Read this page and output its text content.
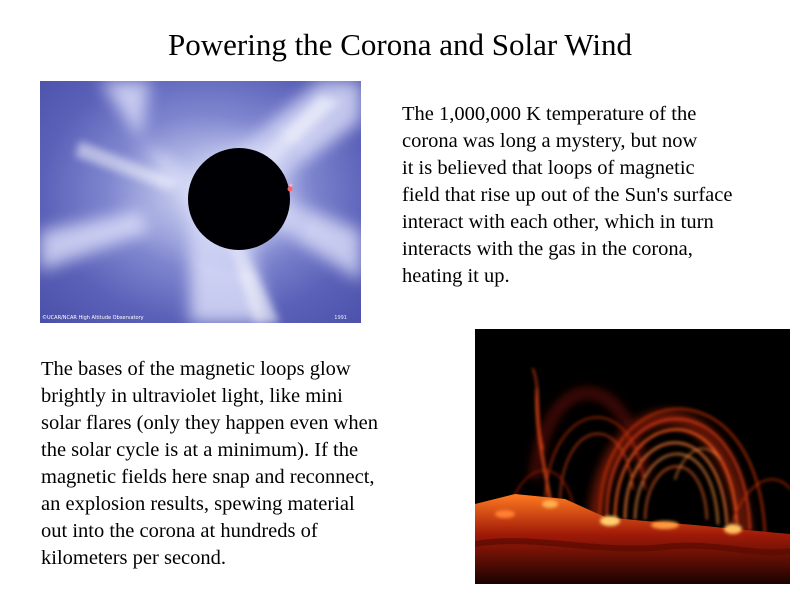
Powering the Corona and Solar Wind
©UCAR/NCAR High Altitude Observatory	1991
The 1,000,000 K temperature of the
corona was long a mystery, but now
it is believed that loops of magnetic
field that rise up out of the Sun's surface
interact with each other, which in turn
interacts with the gas in the corona,
heating it up.
The bases of the magnetic loops glow
brightly in ultraviolet light, like mini
solar flares (only they happen even when
the solar cycle is at a minimum). If the
magnetic fields here snap and reconnect,
an explosion results, spewing material
out into the corona at hundreds of
kilometers per second.
